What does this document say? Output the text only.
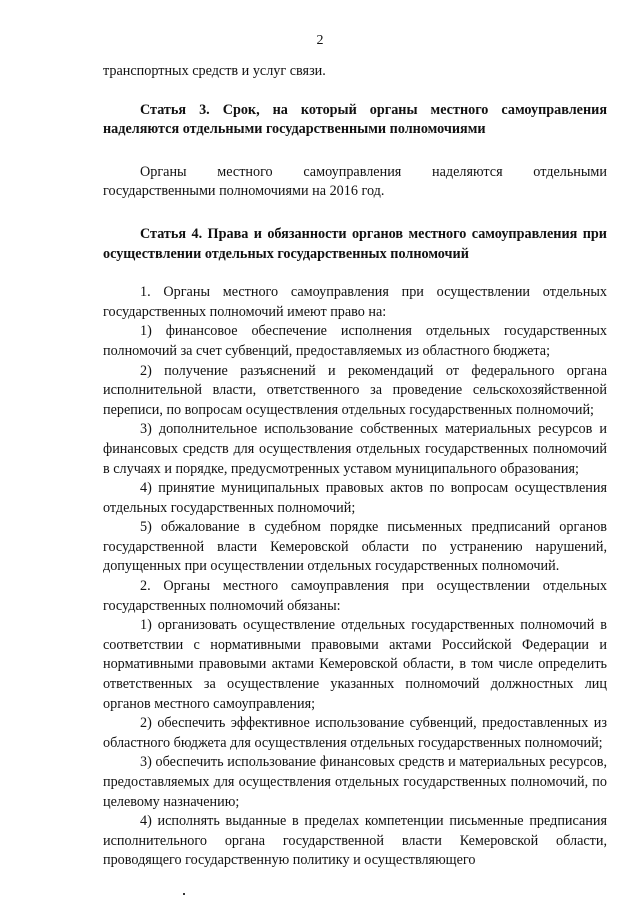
2

транспортных средств и услуг связи.

Статья 3. Срок, на который органы местного самоуправления наделяются отдельными государственными полномочиями

Органы местного самоуправления наделяются отдельными государственными полномочиями на 2016 год.

Статья 4. Права и обязанности органов местного самоуправления при осуществлении отдельных государственных полномочий

1. Органы местного самоуправления при осуществлении отдельных государственных полномочий имеют право на:

1) финансовое обеспечение исполнения отдельных государственных полномочий за счет субвенций, предоставляемых из областного бюджета;

2) получение разъяснений и рекомендаций от федерального органа исполнительной власти, ответственного за проведение сельскохозяйственной переписи, по вопросам осуществления отдельных государственных полномочий;

3) дополнительное использование собственных материальных ресурсов и финансовых средств для осуществления отдельных государственных полномочий в случаях и порядке, предусмотренных уставом муниципального образования;

4) принятие муниципальных правовых актов по вопросам осуществления отдельных государственных полномочий;

5) обжалование в судебном порядке письменных предписаний органов государственной власти Кемеровской области по устранению нарушений, допущенных при осуществлении отдельных государственных полномочий.

2. Органы местного самоуправления при осуществлении отдельных государственных полномочий обязаны:

1) организовать осуществление отдельных государственных полномочий в соответствии с нормативными правовыми актами Российской Федерации и нормативными правовыми актами Кемеровской области, в том числе определить ответственных за осуществление указанных полномочий должностных лиц органов местного самоуправления;

2) обеспечить эффективное использование субвенций, предоставленных из областного бюджета для осуществления отдельных государственных полномочий;

3) обеспечить использование финансовых средств и материальных ресурсов, предоставляемых для осуществления отдельных государственных полномочий, по целевому назначению;

4) исполнять выданные в пределах компетенции письменные предписания исполнительного органа государственной власти Кемеровской области, проводящего государственную политику и осуществляющего
